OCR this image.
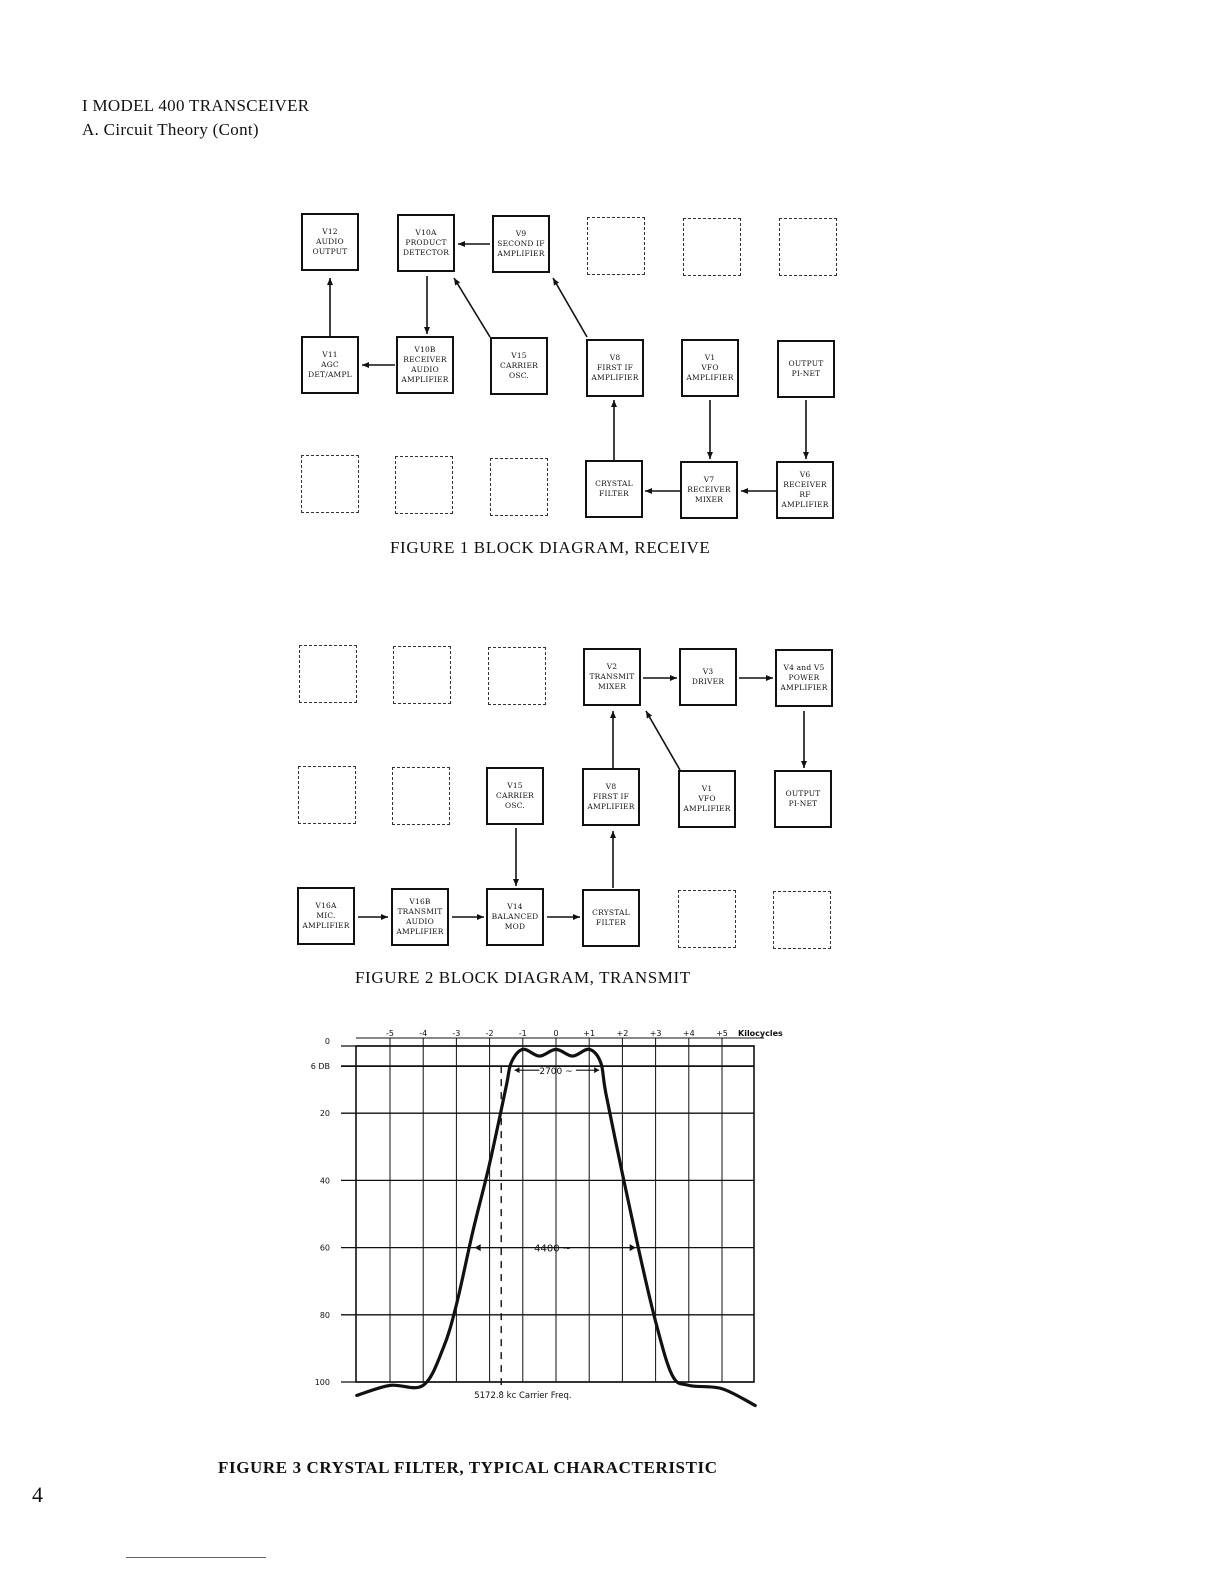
I MODEL 400 TRANSCEIVER
A. Circuit Theory (Cont)
V12
AUDIO
OUTPUT
V10A
PRODUCT
DETECTOR
V9
SECOND IF
AMPLIFIER
V11
AGC
DET/AMPL
V10B
RECEIVER
AUDIO
AMPLIFIER
V15
CARRIER
OSC.
V8
FIRST IF
AMPLIFIER
V1
VFO
AMPLIFIER
OUTPUT
PI-NET
CRYSTAL
FILTER
V7
RECEIVER
MIXER
V6
RECEIVER
RF
AMPLIFIER
FIGURE 1 BLOCK DIAGRAM, RECEIVE
V2
TRANSMIT
MIXER
V3
DRIVER
V4 and V5
POWER
AMPLIFIER
V15
CARRIER
OSC.
V8
FIRST IF
AMPLIFIER
V1
VFO
AMPLIFIER
OUTPUT
PI-NET
V16A
MIC.
AMPLIFIER
V16B
TRANSMIT
AUDIO
AMPLIFIER
V14
BALANCED
MOD
CRYSTAL
FILTER
FIGURE 2 BLOCK DIAGRAM, TRANSMIT
-5	-4	-3	-2	-1	0	+1	+2	+3	+4	+5
0
6 DB
20
40
60
80
100
Kilocycles
5172.8 kc Carrier Freq.
2700 ~
4400 ~
FIGURE 3 CRYSTAL FILTER, TYPICAL CHARACTERISTIC
4
